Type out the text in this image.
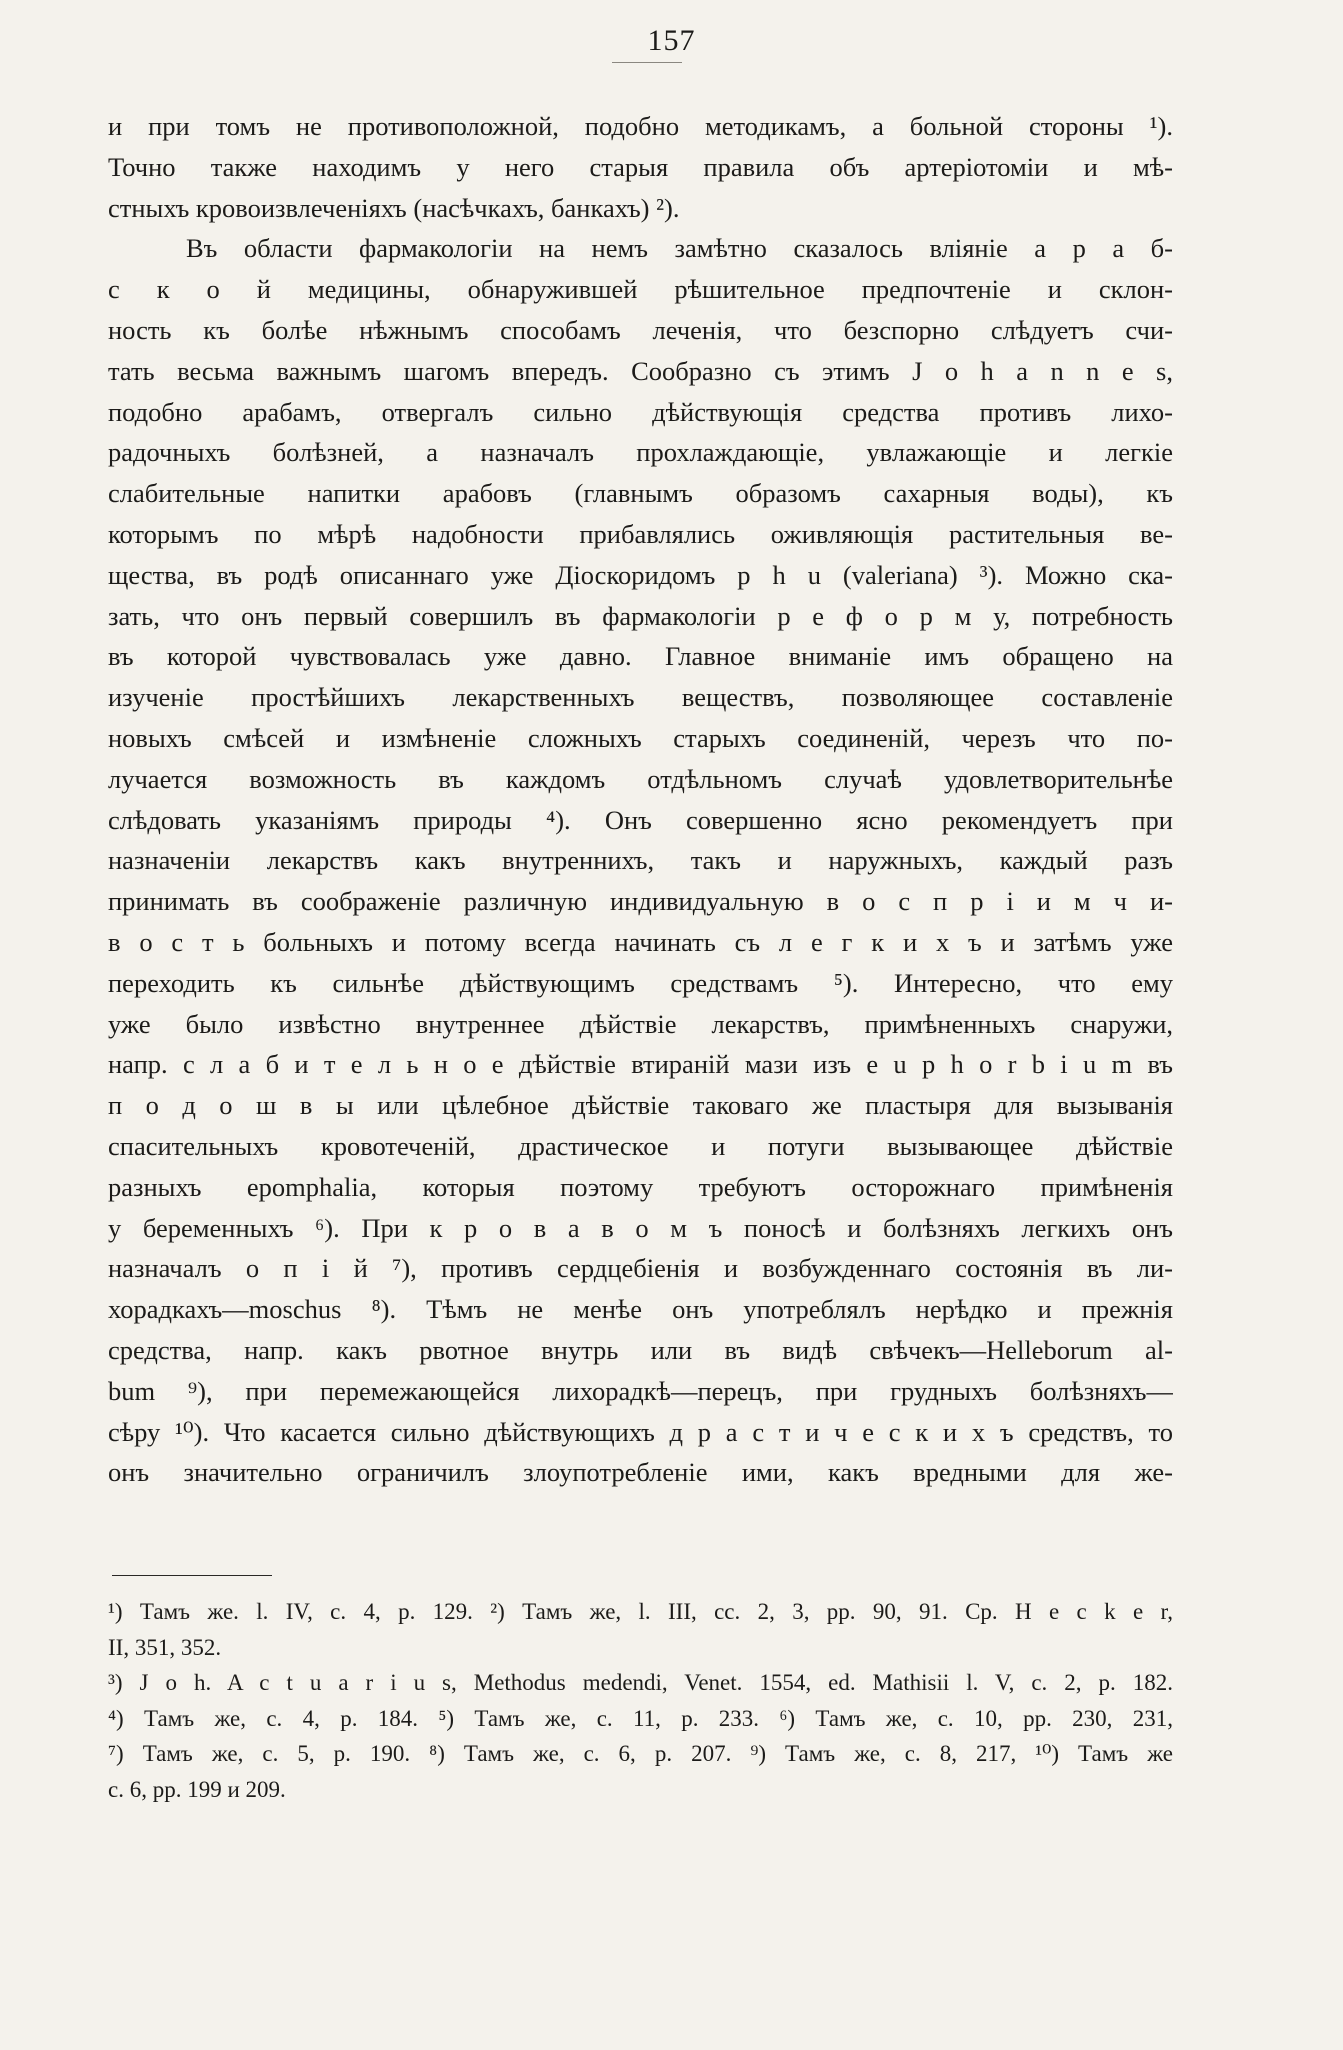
157
и при томъ не противоположной, подобно методикамъ, а больной стороны ¹).
Точно также находимъ у него старыя правила объ артеріотоміи и мѣ-
стныхъ кровоизвлеченіяхъ (насѣчкахъ, банкахъ) ²).
Въ области фармакологіи на немъ замѣтно сказалось вліяніе а р а б-
с к о й медицины, обнаружившей рѣшительное предпочтеніе и склон-
ность къ болѣе нѣжнымъ способамъ леченія, что безспорно слѣдуетъ счи-
тать весьма важнымъ шагомъ впередъ. Сообразно съ этимъ J o h a n n e s,
подобно арабамъ, отвергалъ сильно дѣйствующія средства противъ лихо-
радочныхъ болѣзней, а назначалъ прохлаждающіе, увлажающіе и легкіе
слабительные напитки арабовъ (главнымъ образомъ сахарныя воды), къ
которымъ по мѣрѣ надобности прибавлялись оживляющія растительныя ве-
щества, въ родѣ описаннаго уже Діоскоридомъ p h u (valeriana) ³). Можно ска-
зать, что онъ первый совершилъ въ фармакологіи р е ф о р м у, потребность
въ которой чувствовалась уже давно. Главное вниманіе имъ обращено на
изученіе простѣйшихъ лекарственныхъ веществъ, позволяющее составленіе
новыхъ смѣсей и измѣненіе сложныхъ старыхъ соединеній, черезъ что по-
лучается возможность въ каждомъ отдѣльномъ случаѣ удовлетворительнѣе
слѣдовать указаніямъ природы ⁴). Онъ совершенно ясно рекомендуетъ при
назначеніи лекарствъ какъ внутреннихъ, такъ и наружныхъ, каждый разъ
принимать въ соображеніе различную индивидуальную в о с п р і и м ч и-
в о с т ь больныхъ и потому всегда начинать съ л е г к и х ъ и затѣмъ уже
переходить къ сильнѣе дѣйствующимъ средствамъ ⁵). Интересно, что ему
уже было извѣстно внутреннее дѣйствіе лекарствъ, примѣненныхъ снаружи,
напр. с л а б и т е л ь н о е дѣйствіе втираній мази изъ e u p h o r b i u m въ
п о д о ш в ы или цѣлебное дѣйствіе таковаго же пластыря для вызыванія
спасительныхъ кровотеченій, драстическое и потуги вызывающее дѣйствіе
разныхъ epomphalia, которыя поэтому требуютъ осторожнаго примѣненія
у беременныхъ ⁶). При к р о в а в о м ъ поносѣ и болѣзняхъ легкихъ онъ
назначалъ о п і й ⁷), противъ сердцебіенія и возбужденнаго состоянія въ ли-
хорадкахъ—moschus ⁸). Тѣмъ не менѣе онъ употреблялъ нерѣдко и прежнія
средства, напр. какъ рвотное внутрь или въ видѣ свѣчекъ—Helleborum al-
bum ⁹), при перемежающейся лихорадкѣ—перецъ, при грудныхъ болѣзняхъ—
сѣру ¹⁰). Что касается сильно дѣйствующихъ д р а с т и ч е с к и х ъ средствъ, то
онъ значительно ограничилъ злоупотребленіе ими, какъ вредными для же-
¹) Тамъ же. l. IV, c. 4, p. 129. ²) Тамъ же, l. III, cc. 2, 3, pp. 90, 91. Cp. H e c k e r,
II, 351, 352.
³) J o h. A c t u a r i u s, Methodus medendi, Venet. 1554, ed. Mathisii l. V, c. 2, p. 182.
⁴) Тамъ же, c. 4, p. 184. ⁵) Тамъ же, c. 11, p. 233. ⁶) Тамъ же, c. 10, pp. 230, 231,
⁷) Тамъ же, c. 5, p. 190. ⁸) Тамъ же, c. 6, p. 207. ⁹) Тамъ же, c. 8, 217, ¹⁰) Тамъ же
c. 6, pp. 199 и 209.
